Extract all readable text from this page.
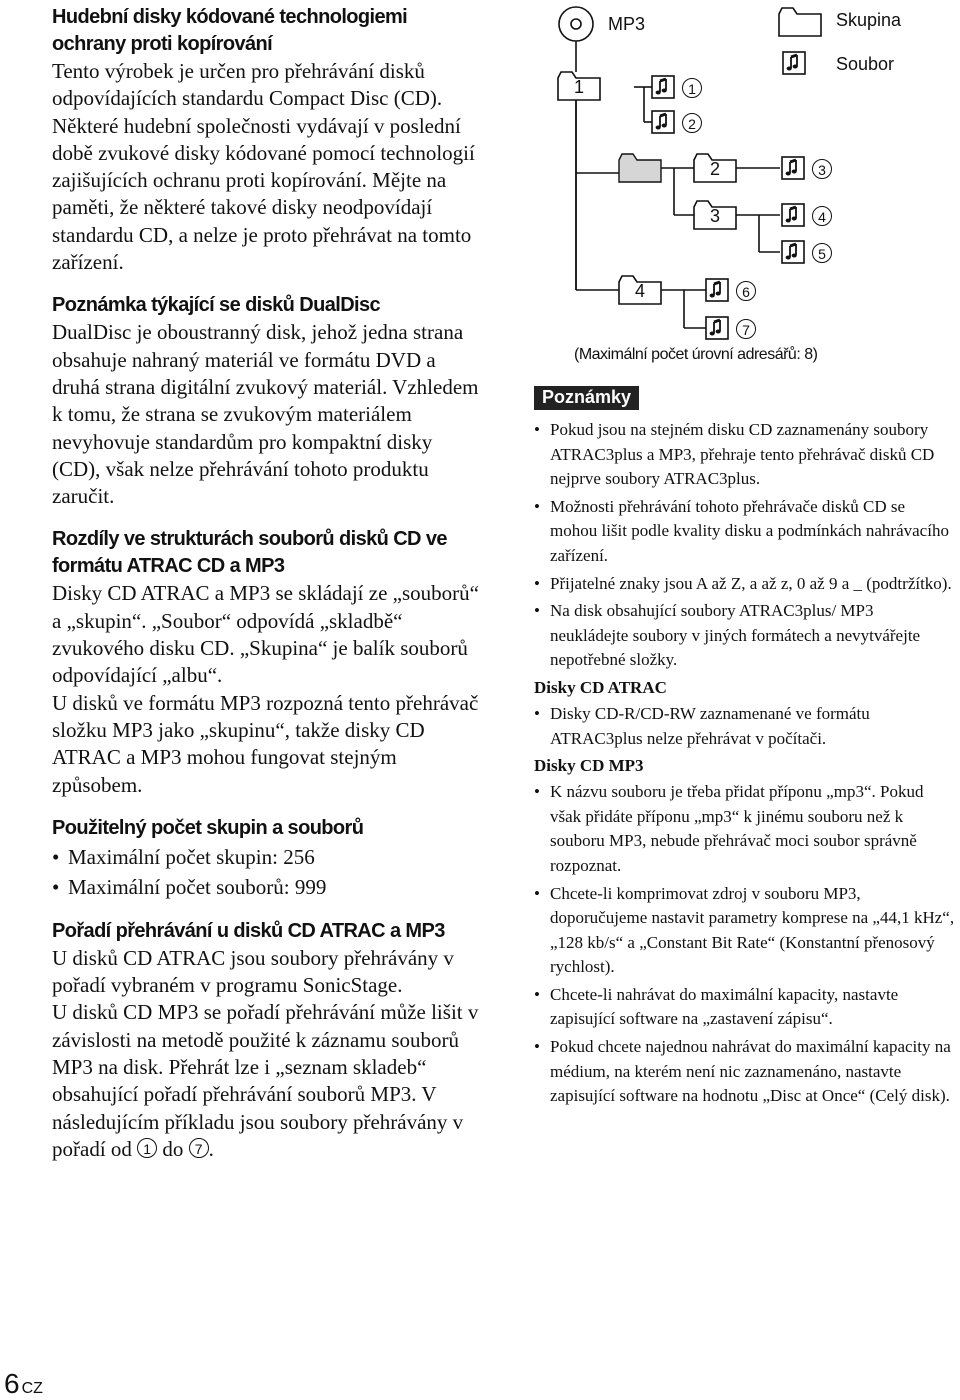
Hudební disky kódované technologiemi ochrany proti kopírování

Tento výrobek je určen pro přehrávání disků odpovídajících standardu Compact Disc (CD). Některé hudební společnosti vydávají v poslední době zvukové disky kódované pomocí technologií zajišujících ochranu proti kopírování. Mějte na paměti, že některé takové disky neodpovídají standardu CD, a nelze je proto přehrávat na tomto zařízení.

Poznámka týkající se disků DualDisc

DualDisc je oboustranný disk, jehož jedna strana obsahuje nahraný materiál ve formátu DVD a druhá strana digitální zvukový materiál. Vzhledem k tomu, že strana se zvukovým materiálem nevyhovuje standardům pro kompaktní disky (CD), však nelze přehrávání tohoto produktu zaručit.

Rozdíly ve strukturách souborů disků CD ve formátu ATRAC CD a MP3

Disky CD ATRAC a MP3 se skládají ze „souborů“ a „skupin“. „Soubor“ odpovídá „skladbě“ zvukového disku CD. „Skupina“ je balík souborů odpovídající „albu“.

U disků ve formátu MP3 rozpozná tento přehrávač složku MP3 jako „skupinu“, takže disky CD ATRAC a MP3 mohou fungovat stejným způsobem.

Použitelný počet skupin a souborů

• Maximální počet skupin: 256
• Maximální počet souborů: 999

Pořadí přehrávání u disků CD ATRAC a MP3

U disků CD ATRAC jsou soubory přehrávány v pořadí vybraném v programu SonicStage.

U disků CD MP3 se pořadí přehrávání může lišit v závislosti na metodě použité k záznamu souborů MP3 na disk. Přehrát lze i „seznam skladeb“ obsahující pořadí přehrávání souborů MP3. V následujícím příkladu jsou soubory přehrávány v pořadí od 1 do 7 .

MP3	Skupina
Soubor
1
2
3
4
1
2
3
4
5
6
7
(Maximální počet úrovní adresářů: 8)
Poznámky
• Pokud jsou na stejném disku CD zaznamenány soubory ATRAC3plus a MP3, přehraje tento přehrávač disků CD nejprve soubory ATRAC3plus.
• Možnosti přehrávání tohoto přehrávače disků CD se mohou lišit podle kvality disku a podmínkách nahrávacího zařízení.
• Přijatelné znaky jsou A až Z, a až z, 0 až 9 a _ (podtržítko).
• Na disk obsahující soubory ATRAC3plus/ MP3 neukládejte soubory v jiných formátech a nevytvářejte nepotřebné složky.

Disky CD ATRAC

• Disky CD-R/CD-RW zaznamenané ve formátu ATRAC3plus nelze přehrávat v počítači.

Disky CD MP3

• K názvu souboru je třeba přidat příponu „mp3“. Pokud však přidáte příponu „mp3“ k jinému souboru než k souboru MP3, nebude přehrávač moci soubor správně rozpoznat.
• Chcete-li komprimovat zdroj v souboru MP3, doporučujeme nastavit parametry komprese na „44,1 kHz“, „128 kb/s“ a „Constant Bit Rate“ (Konstantní přenosový rychlost).
• Chcete-li nahrávat do maximální kapacity, nastavte zapisující software na „zastavení zápisu“.
• Pokud chcete najednou nahrávat do maximální kapacity na médium, na kterém není nic zaznamenáno, nastavte zapisující software na hodnotu „Disc at Once“ (Celý disk).
6 CZ
